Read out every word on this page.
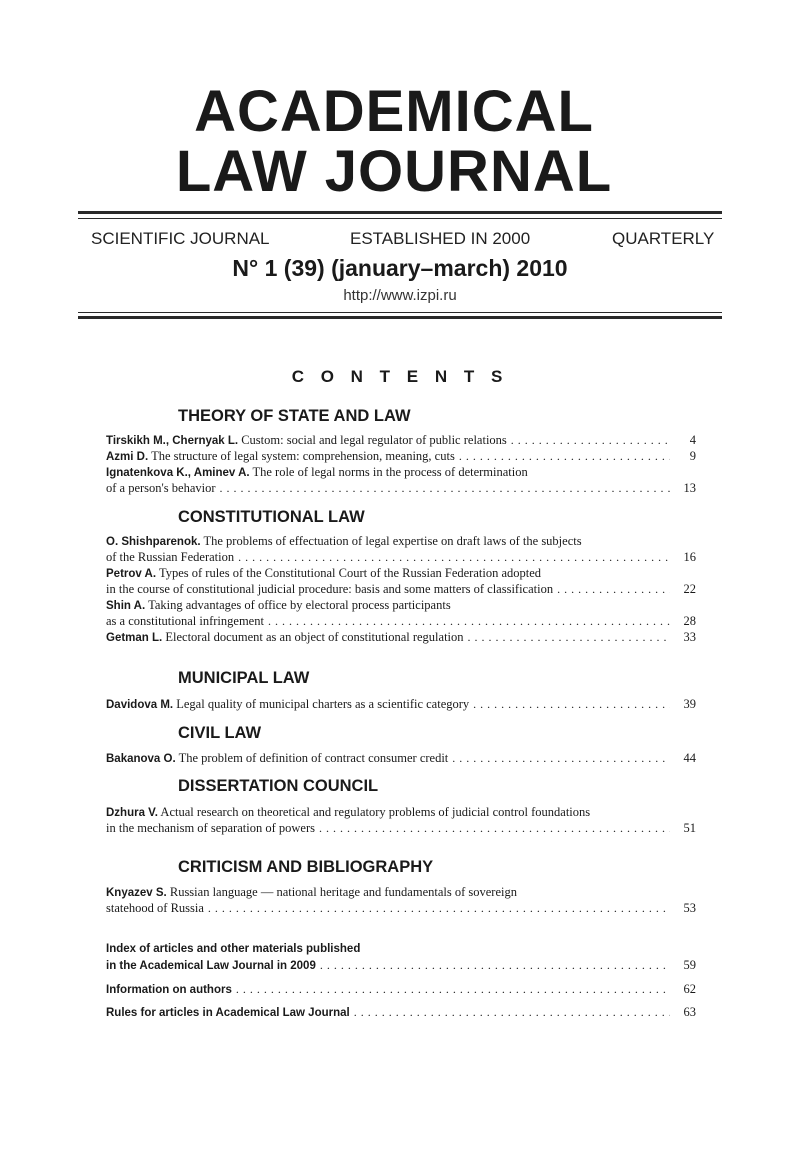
ACADEMICAL
LAW JOURNAL
SCIENTIFIC JOURNAL	ESTABLISHED IN 2000	QUARTERLY
N° 1 (39) (january–march) 2010
http://www.izpi.ru
C O N T E N T S
THEORY OF STATE AND LAW
Tirskikh M., Chernyak L. Custom: social and legal regulator of public relations . . .	4
Azmi D. The structure of legal system: comprehension, meaning, cuts . . .	9
Ignatenkova K., Aminev A. The role of legal norms in the process of determination
of a person's behavior . . .	13
CONSTITUTIONAL LAW
O. Shishparenok. The problems of effectuation of legal expertise on draft laws of the subjects
of the Russian Federation . . .	16
Petrov A. Types of rules of the Constitutional Court of the Russian Federation adopted
in the course of constitutional judicial procedure: basis and some matters of classification . . .	22
Shin A. Taking advantages of office by electoral process participants
as a constitutional infringement . . .	28
Getman L. Electoral document as an object of constitutional regulation . . .	33
MUNICIPAL LAW
Davidova M. Legal quality of municipal charters as a scientific category . . .	39
CIVIL LAW
Bakanova O. The problem of definition of contract consumer credit . . .	44
DISSERTATION COUNCIL
Dzhura V. Actual research on theoretical and regulatory problems of judicial control foundations
in the mechanism of separation of powers . . .	51
CRITICISM AND BIBLIOGRAPHY
Knyazev S. Russian language — national heritage and fundamentals of sovereign
statehood of Russia . . .	53
Index of articles and other materials published
in the Academical Law Journal in 2009 . . .	59
Information on authors . . .	62
Rules for articles in Academical Law Journal . . .	63
